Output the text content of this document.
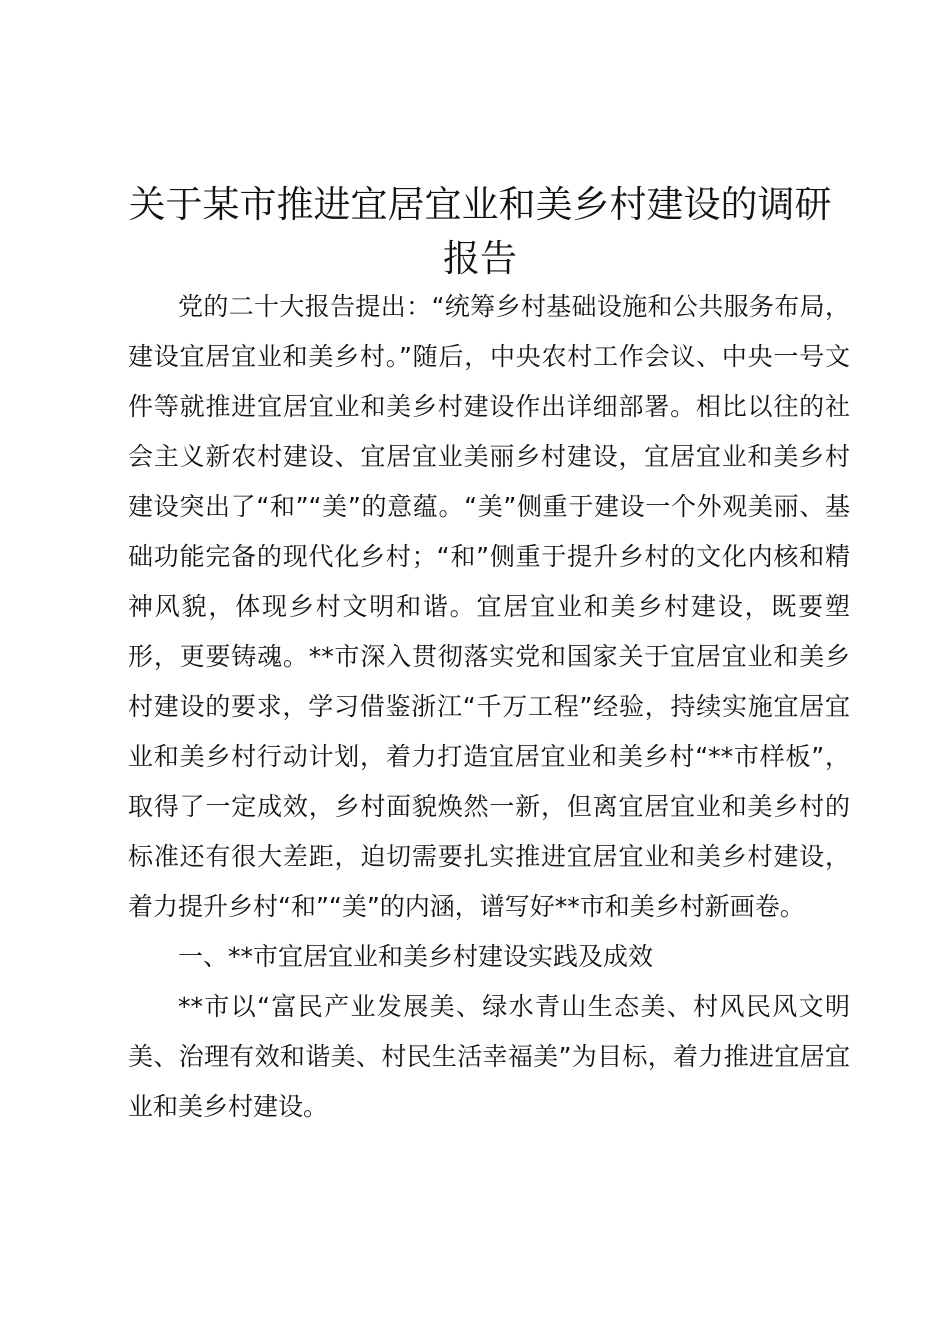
关于某市推进宜居宜业和美乡村建设的调研报告

党的二十大报告提出：“统筹乡村基础设施和公共服务布局，建设宜居宜业和美乡村。”随后，中央农村工作会议、中央一号文件等就推进宜居宜业和美乡村建设作出详细部署。相比以往的社会主义新农村建设、宜居宜业美丽乡村建设，宜居宜业和美乡村建设突出了“和”“美”的意蕴。“美”侧重于建设一个外观美丽、基础功能完备的现代化乡村；“和”侧重于提升乡村的文化内核和精神风貌，体现乡村文明和谐。宜居宜业和美乡村建设，既要塑形，更要铸魂。**市深入贯彻落实党和国家关于宜居宜业和美乡村建设的要求，学习借鉴浙江“千万工程”经验，持续实施宜居宜业和美乡村行动计划，着力打造宜居宜业和美乡村“**市样板”，取得了一定成效，乡村面貌焕然一新，但离宜居宜业和美乡村的标准还有很大差距，迫切需要扎实推进宜居宜业和美乡村建设，着力提升乡村“和”“美”的内涵，谱写好**市和美乡村新画卷。

一、**市宜居宜业和美乡村建设实践及成效

**市以“富民产业发展美、绿水青山生态美、村风民风文明美、治理有效和谐美、村民生活幸福美”为目标，着力推进宜居宜业和美乡村建设。
